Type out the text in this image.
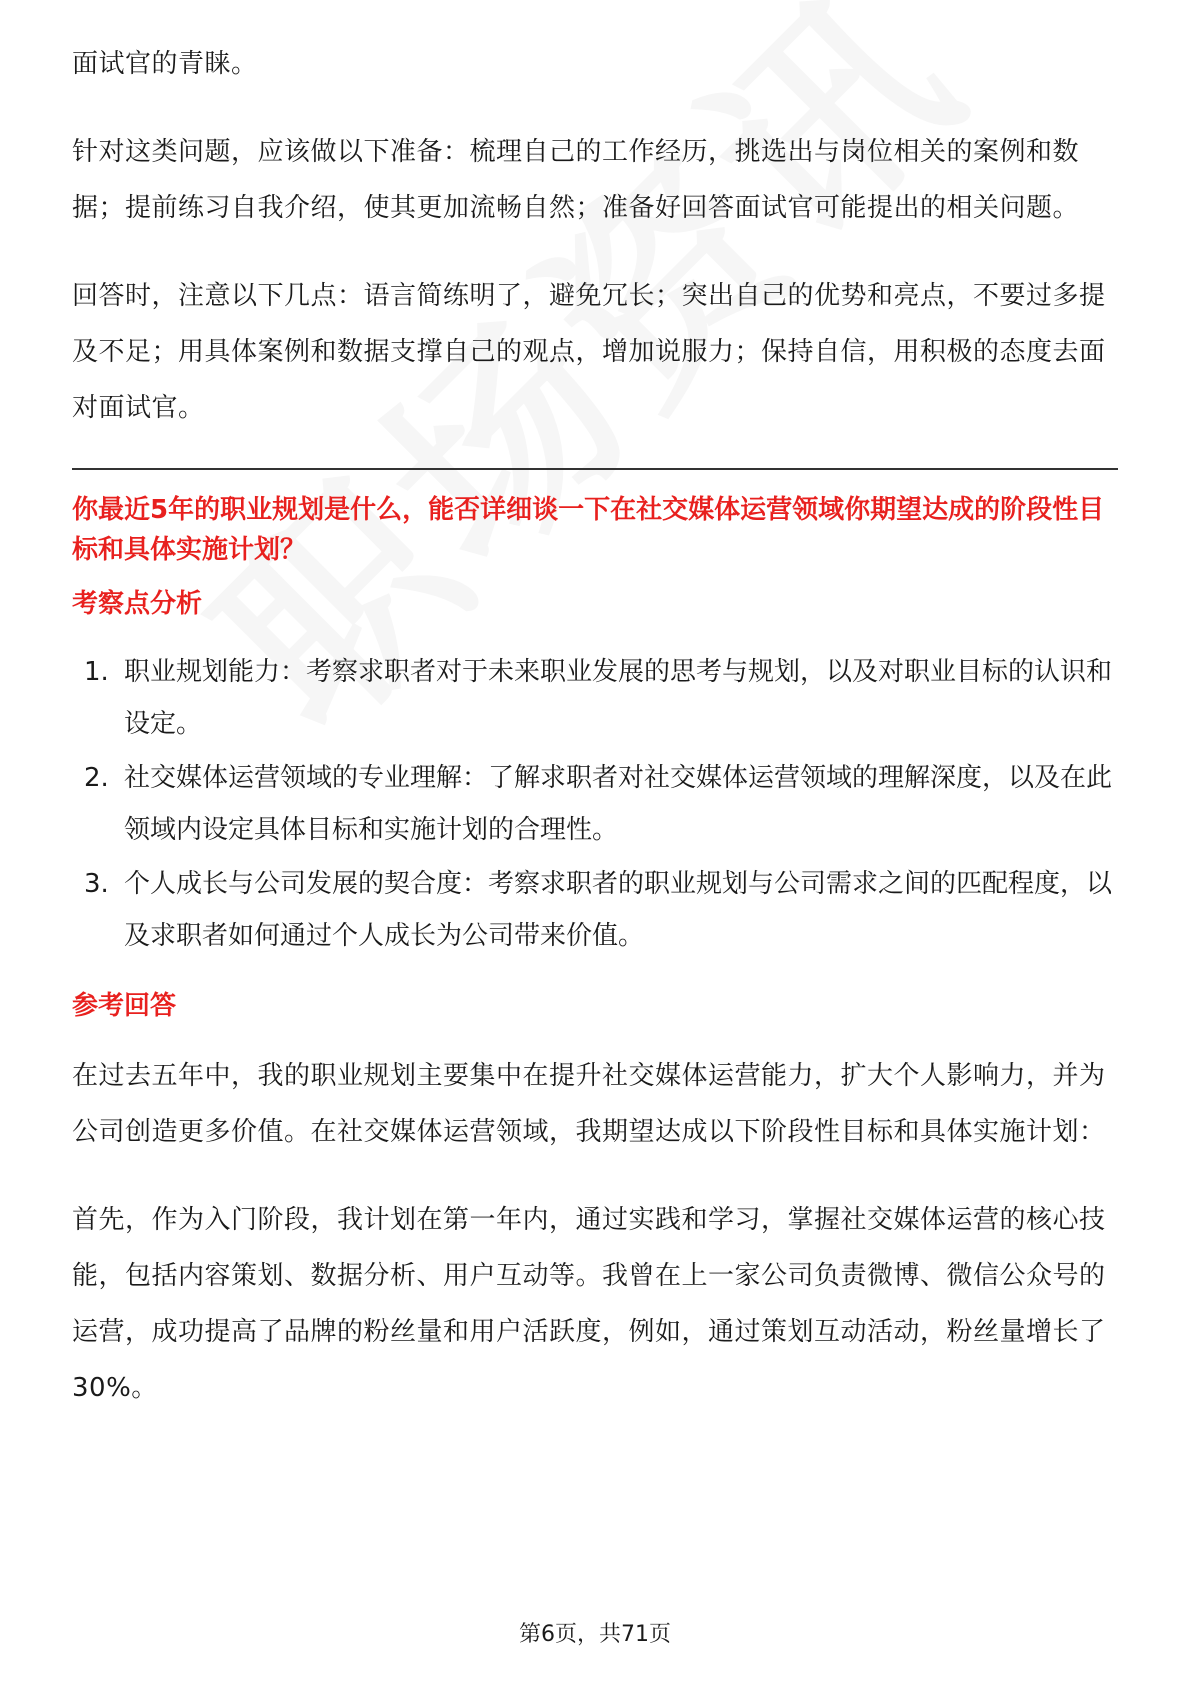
面试官的青睐。

针对这类问题，应该做以下准备：梳理自己的工作经历，挑选出与岗位相关的案例和数据；提前练习自我介绍，使其更加流畅自然；准备好回答面试官可能提出的相关问题。

回答时，注意以下几点：语言简练明了，避免冗长；突出自己的优势和亮点，不要过多提及不足；用具体案例和数据支撑自己的观点，增加说服力；保持自信，用积极的态度去面对面试官。

你最近5年的职业规划是什么，能否详细谈一下在社交媒体运营领域你期望达成的阶段性目标和具体实施计划？
考察点分析
1. 职业规划能力：考察求职者对于未来职业发展的思考与规划，以及对职业目标的认识和设定。
2. 社交媒体运营领域的专业理解：了解求职者对社交媒体运营领域的理解深度，以及在此领域内设定具体目标和实施计划的合理性。
3. 个人成长与公司发展的契合度：考察求职者的职业规划与公司需求之间的匹配程度，以及求职者如何通过个人成长为公司带来价值。
参考回答

在过去五年中，我的职业规划主要集中在提升社交媒体运营能力，扩大个人影响力，并为公司创造更多价值。在社交媒体运营领域，我期望达成以下阶段性目标和具体实施计划：

首先，作为入门阶段，我计划在第一年内，通过实践和学习，掌握社交媒体运营的核心技能，包括内容策划、数据分析、用户互动等。我曾在上一家公司负责微博、微信公众号的运营，成功提高了品牌的粉丝量和用户活跃度，例如，通过策划互动活动，粉丝量增长了30%。

第6页，共71页
